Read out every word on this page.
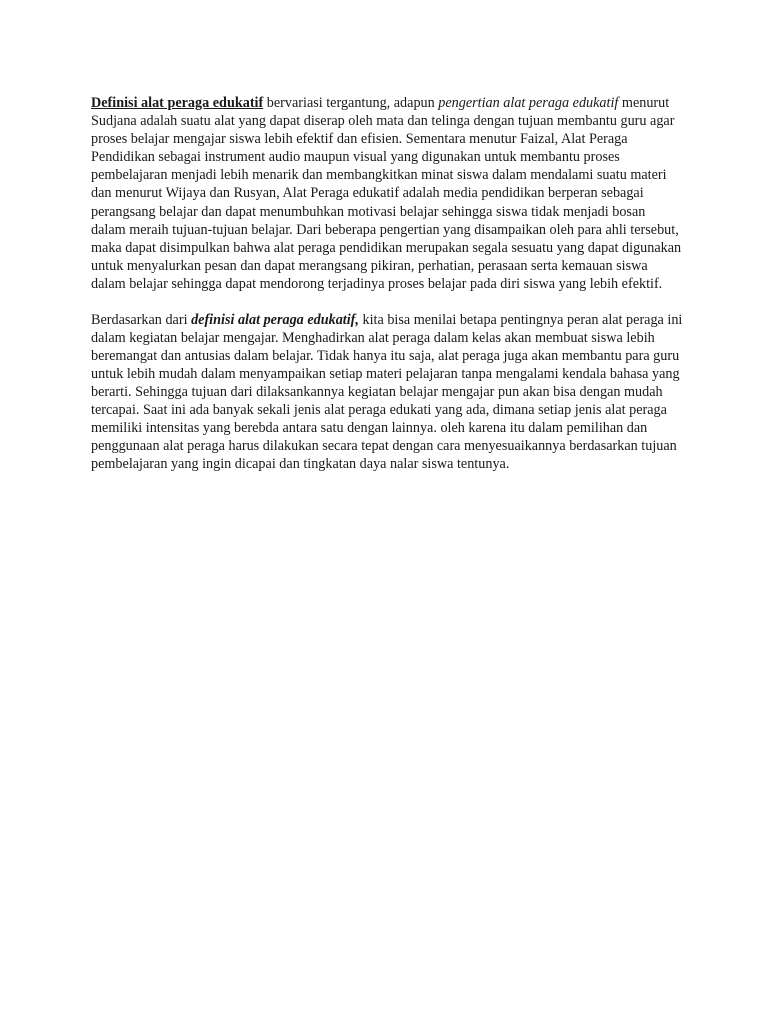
Definisi alat peraga edukatif bervariasi tergantung, adapun pengertian alat peraga edukatif menurut Sudjana adalah suatu alat yang dapat diserap oleh mata dan telinga dengan tujuan membantu guru agar proses belajar mengajar siswa lebih efektif dan efisien. Sementara menutur Faizal, Alat Peraga Pendidikan sebagai instrument audio maupun visual yang digunakan untuk membantu proses pembelajaran menjadi lebih menarik dan membangkitkan minat siswa dalam mendalami suatu materi dan menurut Wijaya dan Rusyan, Alat Peraga edukatif adalah media pendidikan berperan sebagai perangsang belajar dan dapat menumbuhkan motivasi belajar sehingga siswa tidak menjadi bosan dalam meraih tujuan-tujuan belajar. Dari beberapa pengertian yang disampaikan oleh para ahli tersebut, maka dapat disimpulkan bahwa alat peraga pendidikan merupakan segala sesuatu yang dapat digunakan untuk menyalurkan pesan dan dapat merangsang pikiran, perhatian, perasaan serta kemauan siswa dalam belajar sehingga dapat mendorong terjadinya proses belajar pada diri siswa yang lebih efektif.

Berdasarkan dari definisi alat peraga edukatif, kita bisa menilai betapa pentingnya peran alat peraga ini dalam kegiatan belajar mengajar. Menghadirkan alat peraga dalam kelas akan membuat siswa lebih beremangat dan antusias dalam belajar. Tidak hanya itu saja, alat peraga juga akan membantu para guru untuk lebih mudah dalam menyampaikan setiap materi pelajaran tanpa mengalami kendala bahasa yang berarti. Sehingga tujuan dari dilaksankannya kegiatan belajar mengajar pun akan bisa dengan mudah tercapai. Saat ini ada banyak sekali jenis alat peraga edukati yang ada, dimana setiap jenis alat peraga memiliki intensitas yang berebda antara satu dengan lainnya. oleh karena itu dalam pemilihan dan penggunaan alat peraga harus dilakukan secara tepat dengan cara menyesuaikannya berdasarkan tujuan pembelajaran yang ingin dicapai dan tingkatan daya nalar siswa tentunya.
